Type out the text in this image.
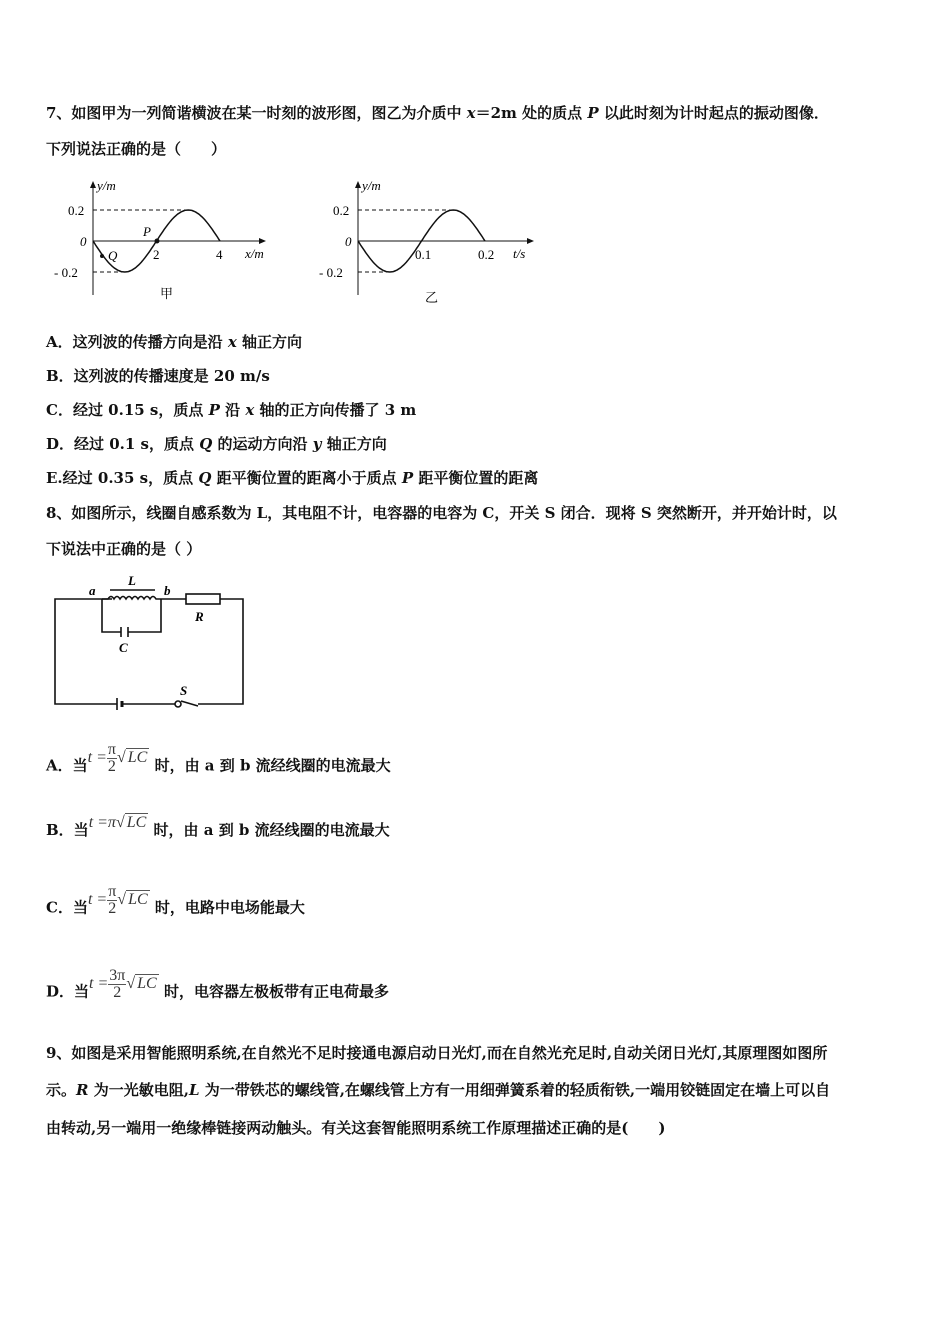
7、如图甲为一列简谐横波在某一时刻的波形图，图乙为介质中 x＝2m 处的质点 P 以此时刻为计时起点的振动图像．
下列说法正确的是（　　）
y/m
x/m
0.2
- 0.2
0
2	4
P
Q
甲
y/m
t/s
0.2
- 0.2
0
0.1	0.2
乙
A．这列波的传播方向是沿 x 轴正方向
B．这列波的传播速度是 20 m/s
C．经过 0.15 s，质点 P 沿 x 轴的正方向传播了 3 m
D．经过 0.1 s，质点 Q 的运动方向沿 y 轴正方向
E.经过 0.35 s，质点 Q 距平衡位置的距离小于质点 P 距平衡位置的距离
8、如图所示，线圈自感系数为 L，其电阻不计，电容器的电容为 C，开关 S 闭合．现将 S 突然断开，并开始计时，以
下说法中正确的是（ ）
a
L
b
R
C
S
A．当$t = \frac{\pi}{2}$ √ LC 时，由 a 到 b 流经线圈的电流最大
B．当t =π√ LC 时，由 a 到 b 流经线圈的电流最大
C．当$t = \frac{\pi}{2}$ √ LC 时，电路中电场能最大
D．当$t = \frac{3\pi}{2}$ √ LC 时，电容器左极板带有正电荷最多
9、如图是采用智能照明系统,在自然光不足时接通电源启动日光灯,而在自然光充足时,自动关闭日光灯,其原理图如图所
示。R 为一光敏电阻,L 为一带铁芯的螺线管,在螺线管上方有一用细弹簧系着的轻质衔铁,一端用铰链固定在墙上可以自
由转动,另一端用一绝缘棒链接两动触头。有关这套智能照明系统工作原理描述正确的是(　　)
